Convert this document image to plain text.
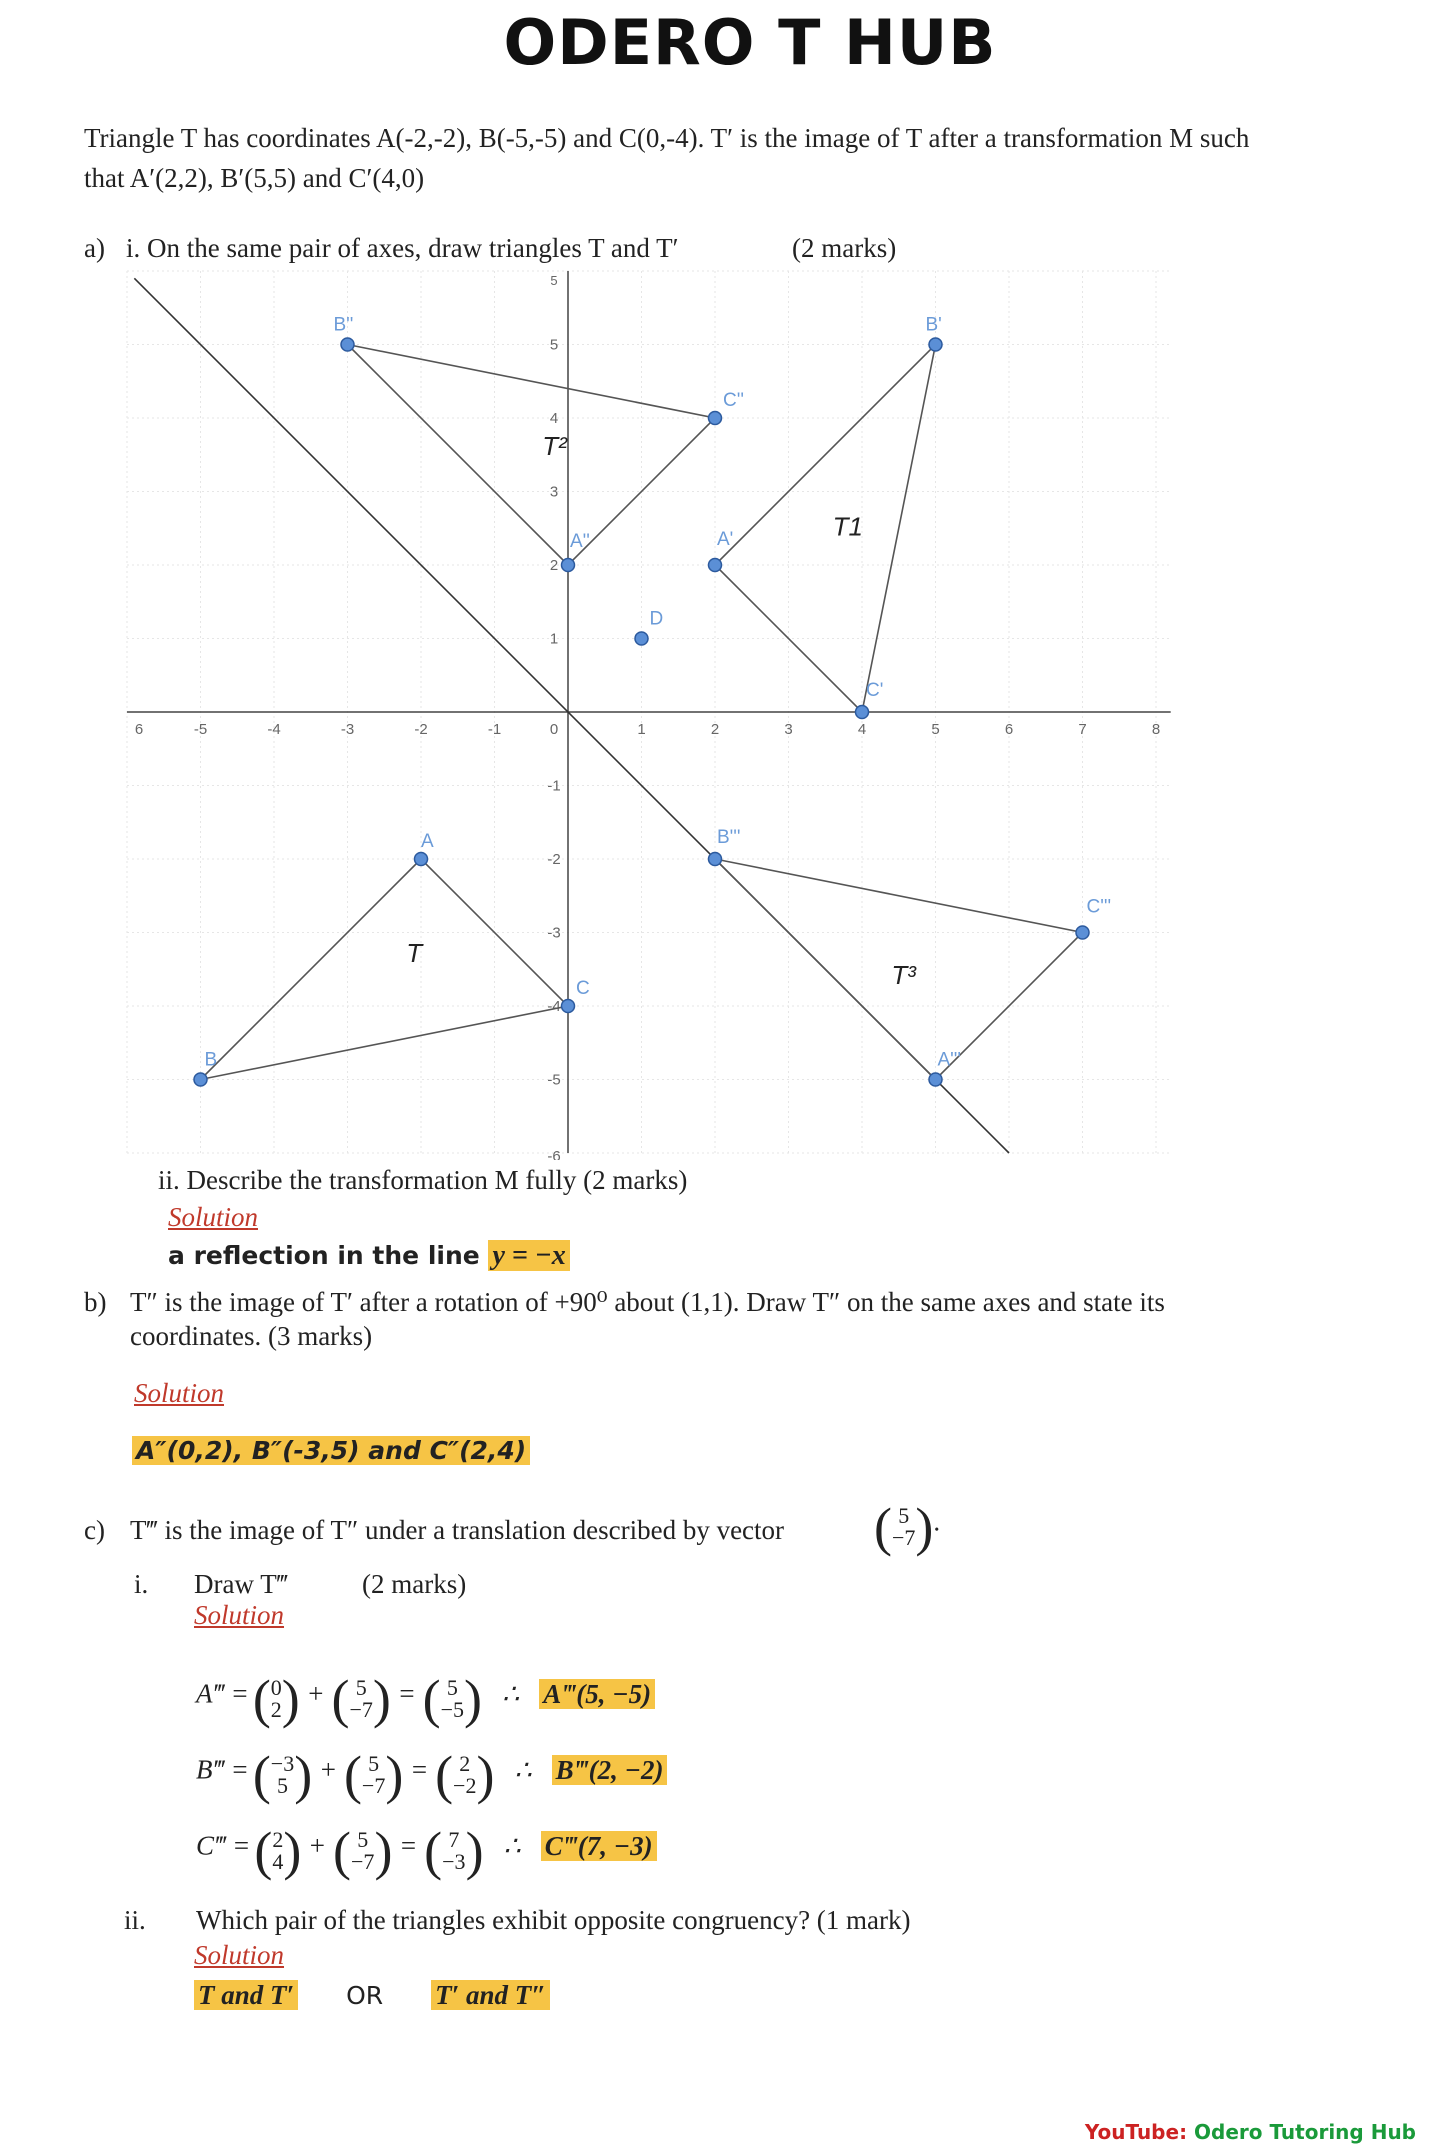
ODERO T HUB
Triangle T has coordinates A(-2,-2), B(-5,-5) and C(0,-4). T′ is the image of T after a transformation M such
that A′(2,2), B′(5,5) and C′(4,0)
a) i. On the same pair of axes, draw triangles T and T′	(2 marks)
-5	-4	-3	-2	-1	0	1	2	3	4	5	6	7	8
-5
-4
-3
-2
-1
1
2
3
4
5
6
5
-6
T
T1
T²
T³
A
B
C
A'
B'
C'
A''
B''
C''
A'''
B'''
C'''
D
ii. Describe the transformation M fully (2 marks)
Solution
a reflection in the line y = −x
b) T″ is the image of T′ after a rotation of +90⁰ about (1,1). Draw T″ on the same axes and state its
coordinates. (3 marks)
Solution
A″(0,2), B″(-3,5) and C″(2,4)
c) T‴ is the image of T″ under a translation described by vector ( 5
−7).
i. Draw T‴	(2 marks)
Solution
A‴ = (0
2) + ( 5
−7) = ( 5
−5) ∴ A‴(5, −5)
B‴ = (−3
5 ) + ( 5
−7) = ( 2
−2) ∴ B‴(2, −2)
C‴ = (2
4) + ( 5
−7) = ( 7
−3) ∴ C‴(7, −3)
ii. Which pair of the triangles exhibit opposite congruency? (1 mark)
Solution
T and T′ OR T′ and T″
YouTube: Odero Tutoring Hub
